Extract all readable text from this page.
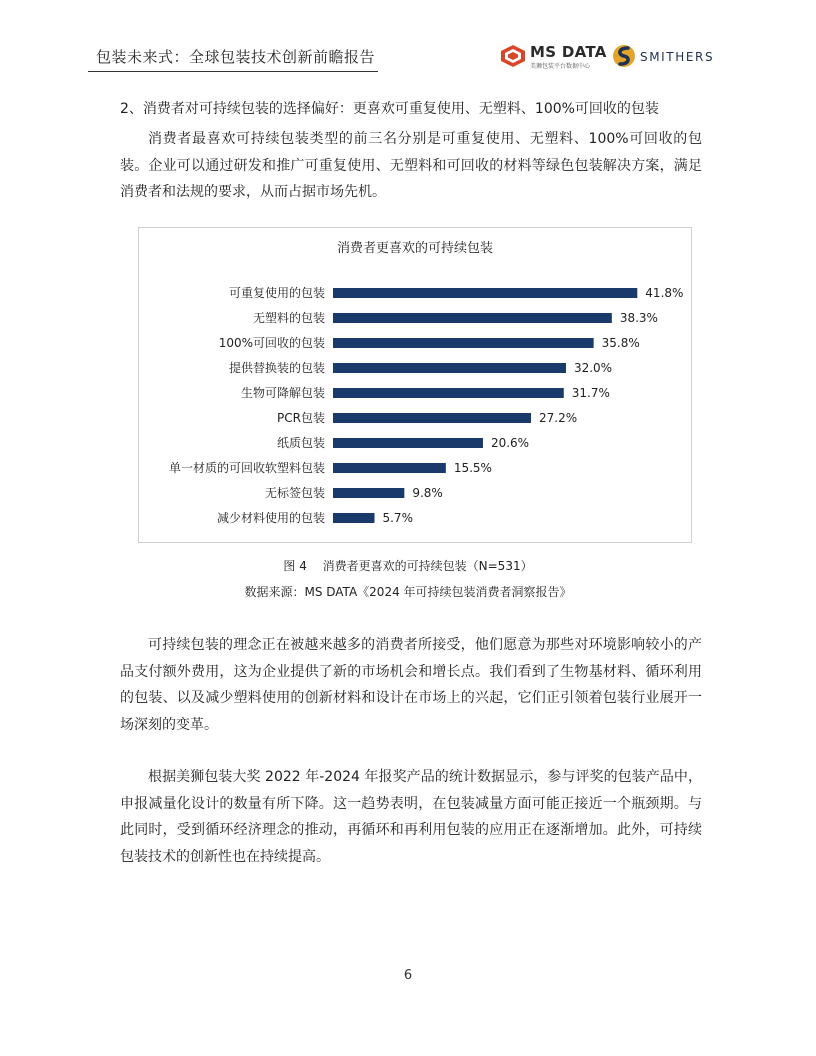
包装未来式：全球包装技术创新前瞻报告	MS DATA
美狮包装平台数据中心
SMITHERS
2、消费者对可持续包装的选择偏好：更喜欢可重复使用、无塑料、100%可回收的包装

消费者最喜欢可持续包装类型的前三名分别是可重复使用、无塑料、100%可回收的包装。企业可以通过研发和推广可重复使用、无塑料和可回收的材料等绿色包装解决方案，满足消费者和法规的要求，从而占据市场先机。

消费者更喜欢的可持续包装
可重复使用的包装	41.8%
无塑料的包装	38.3%
100%可回收的包装	35.8%
提供替换装的包装	32.0%
生物可降解包装	31.7%
PCR包装	27.2%
纸质包装	20.6%
单一材质的可回收软塑料包装	15.5%
无标签包装	9.8%
减少材料使用的包装	5.7%
图 4　 消费者更喜欢的可持续包装（N=531）
数据来源：MS DATA《2024 年可持续包装消费者洞察报告》

可持续包装的理念正在被越来越多的消费者所接受，他们愿意为那些对环境影响较小的产品支付额外费用，这为企业提供了新的市场机会和增长点。我们看到了生物基材料、循环利用的包装、以及减少塑料使用的创新材料和设计在市场上的兴起，它们正引领着包装行业展开一场深刻的变革。

根据美狮包装大奖 2022 年-2024 年报奖产品的统计数据显示，参与评奖的包装产品中，申报减量化设计的数量有所下降。这一趋势表明，在包装减量方面可能正接近一个瓶颈期。与此同时，受到循环经济理念的推动，再循环和再利用包装的应用正在逐渐增加。此外，可持续包装技术的创新性也在持续提高。

6
